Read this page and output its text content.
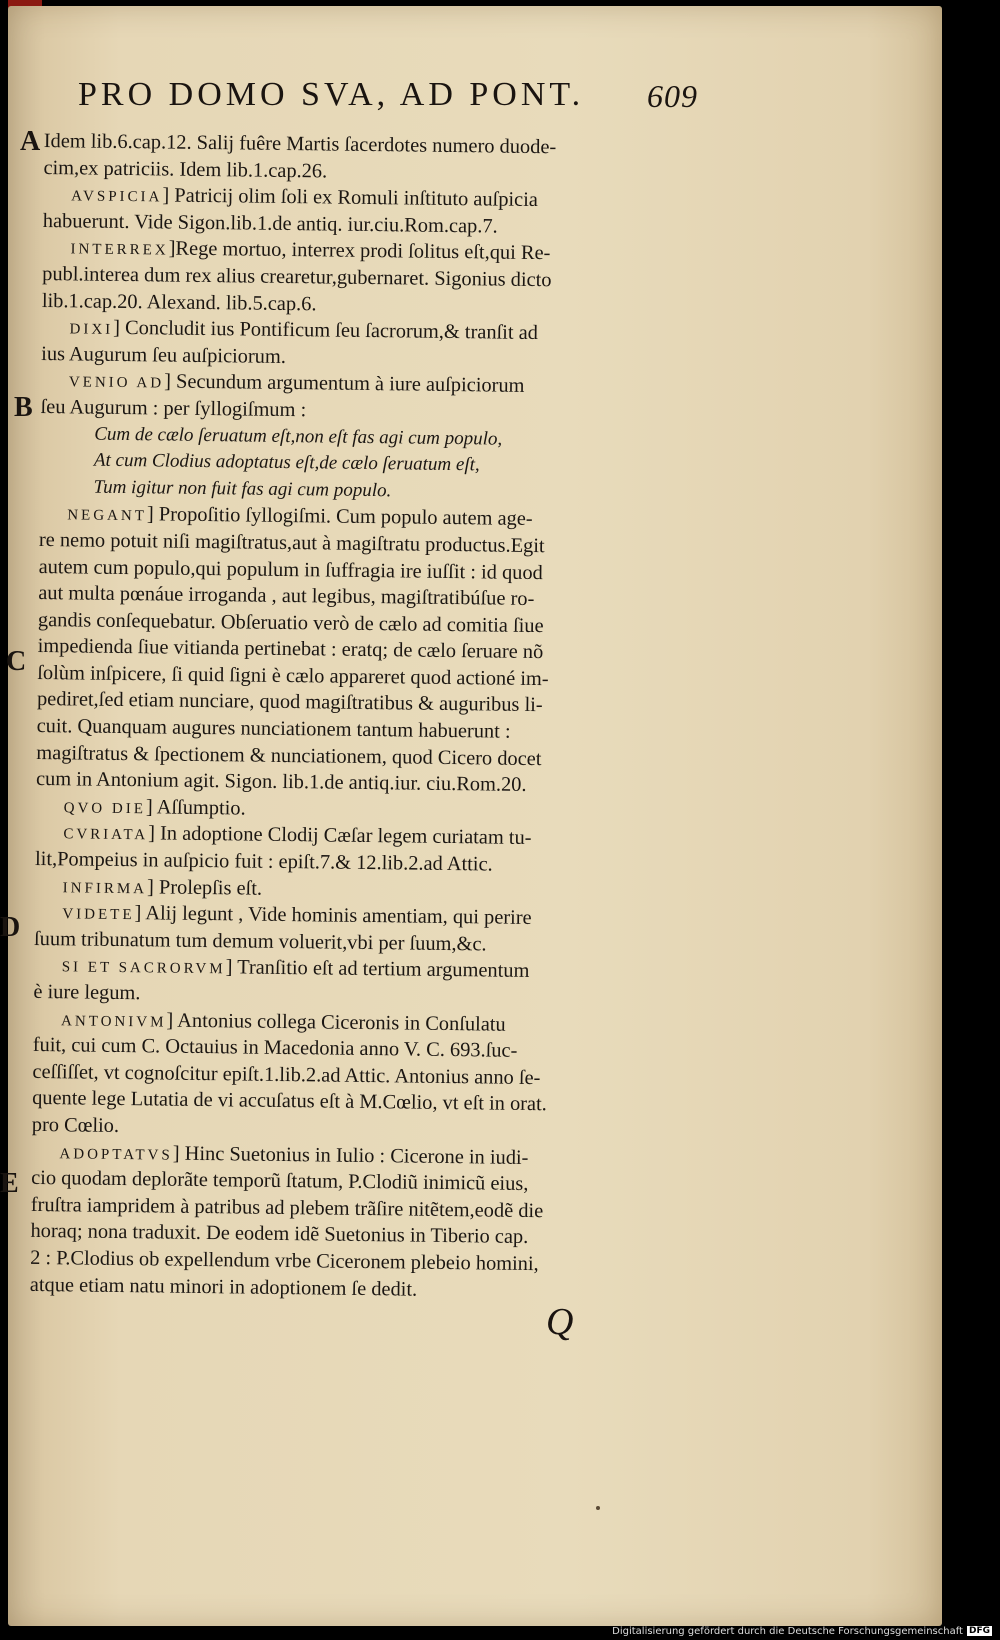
PRO DOMO SVA, AD PONT. 609
A
B
C
D
E
Idem lib.6.cap.12. Salij fuêre Martis ſacerdotes numero duode-
cim,ex patriciis. Idem lib.1.cap.26.
AVSPICIA] Patricij olim ſoli ex Romuli inſtituto auſpicia
habuerunt. Vide Sigon.lib.1.de antiq. iur.ciu.Rom.cap.7.
INTERREX]Rege mortuo, interrex prodi ſolitus eſt,qui Re-
publ.interea dum rex alius crearetur,gubernaret. Sigonius dicto
lib.1.cap.20. Alexand. lib.5.cap.6.
DIXI] Concludit ius Pontificum ſeu ſacrorum,& tranſit ad
ius Augurum ſeu auſpiciorum.
VENIO AD] Secundum argumentum à iure auſpiciorum
ſeu Augurum : per ſyllogiſmum :
Cum de cælo ſeruatum eſt,non eſt fas agi cum populo,
At cum Clodius adoptatus eſt,de cælo ſeruatum eſt,
Tum igitur non fuit fas agi cum populo.
NEGANT] Propoſitio ſyllogiſmi. Cum populo autem age-
re nemo potuit niſi magiſtratus,aut à magiſtratu productus.Egit
autem cum populo,qui populum in ſuffragia ire iuſſit : id quod
aut multa pœnáue irroganda , aut legibus, magiſtratibúſue ro-
gandis conſequebatur. Obſeruatio verò de cælo ad comitia ſiue
impedienda ſiue vitianda pertinebat : eratq; de cælo ſeruare nõ
ſolùm inſpicere, ſi quid ſigni è cælo appareret quod actioné im-
pediret,ſed etiam nunciare, quod magiſtratibus & auguribus li-
cuit. Quanquam augures nunciationem tantum habuerunt :
magiſtratus & ſpectionem & nunciationem, quod Cicero docet
cum in Antonium agit. Sigon. lib.1.de antiq.iur. ciu.Rom.20.
QVO DIE] Aſſumptio.
CVRIATA] In adoptione Clodij Cæſar legem curiatam tu-
lit,Pompeius in auſpicio fuit : epiſt.7.& 12.lib.2.ad Attic.
INFIRMA] Prolepſis eſt.
VIDETE] Alij legunt , Vide hominis amentiam, qui perire
ſuum tribunatum tum demum voluerit,vbi per ſuum,&c.
SI ET SACRORVM] Tranſitio eſt ad tertium argumentum
è iure legum.
ANTONIVM] Antonius collega Ciceronis in Conſulatu
fuit, cui cum C. Octauius in Macedonia anno V. C. 693.ſuc-
ceſſiſſet, vt cognoſcitur epiſt.1.lib.2.ad Attic. Antonius anno ſe-
quente lege Lutatia de vi accuſatus eſt à M.Cœlio, vt eſt in orat.
pro Cœlio.
ADOPTATVS] Hinc Suetonius in Iulio : Cicerone in iudi-
cio quodam deplorãte temporũ ſtatum, P.Clodiũ inimicũ eius,
fruſtra iampridem à patribus ad plebem trãſire nitẽtem,eodẽ die
horaq; nona traduxit. De eodem idẽ Suetonius in Tiberio cap.
2 : P.Clodius ob expellendum vrbe Ciceronem plebeio homini,
atque etiam natu minori in adoptionem ſe dedit.
Q
Digitalisierung gefördert durch die Deutsche Forschungsgemeinschaft DFG
